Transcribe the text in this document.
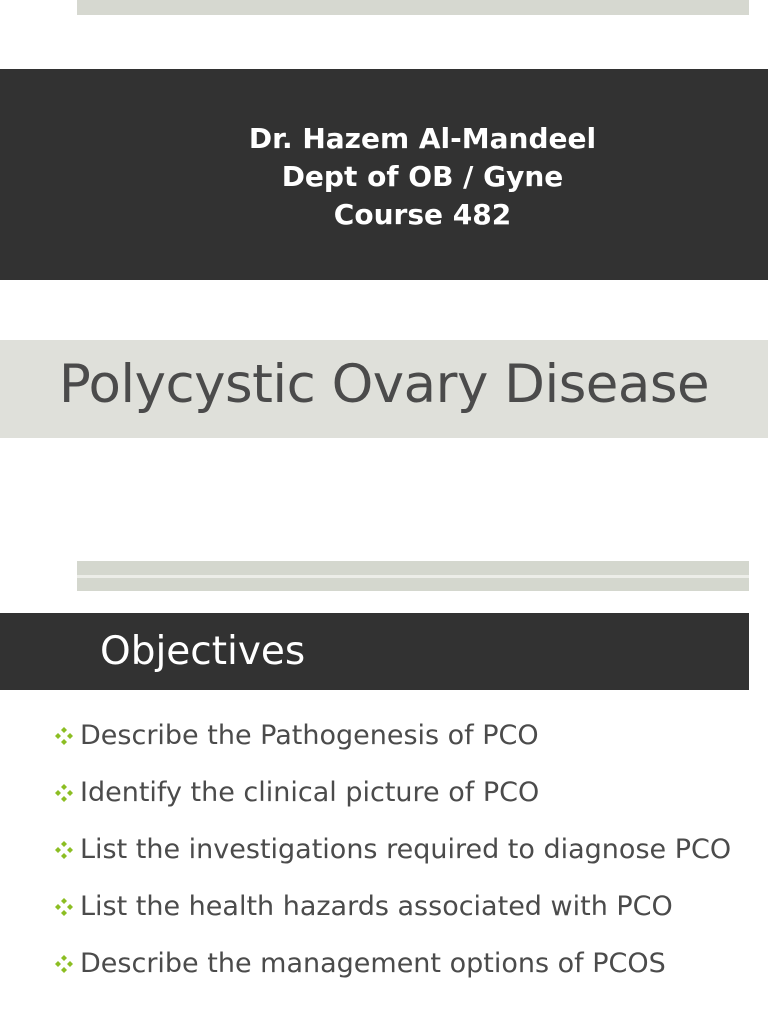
Dr. Hazem Al-Mandeel
Dept of OB / Gyne
Course 482
Polycystic Ovary Disease
Objectives
Describe the Pathogenesis of PCO
Identify the clinical picture of PCO
List the investigations required to diagnose PCO
List the health hazards associated with PCO
Describe the management options of PCOS
